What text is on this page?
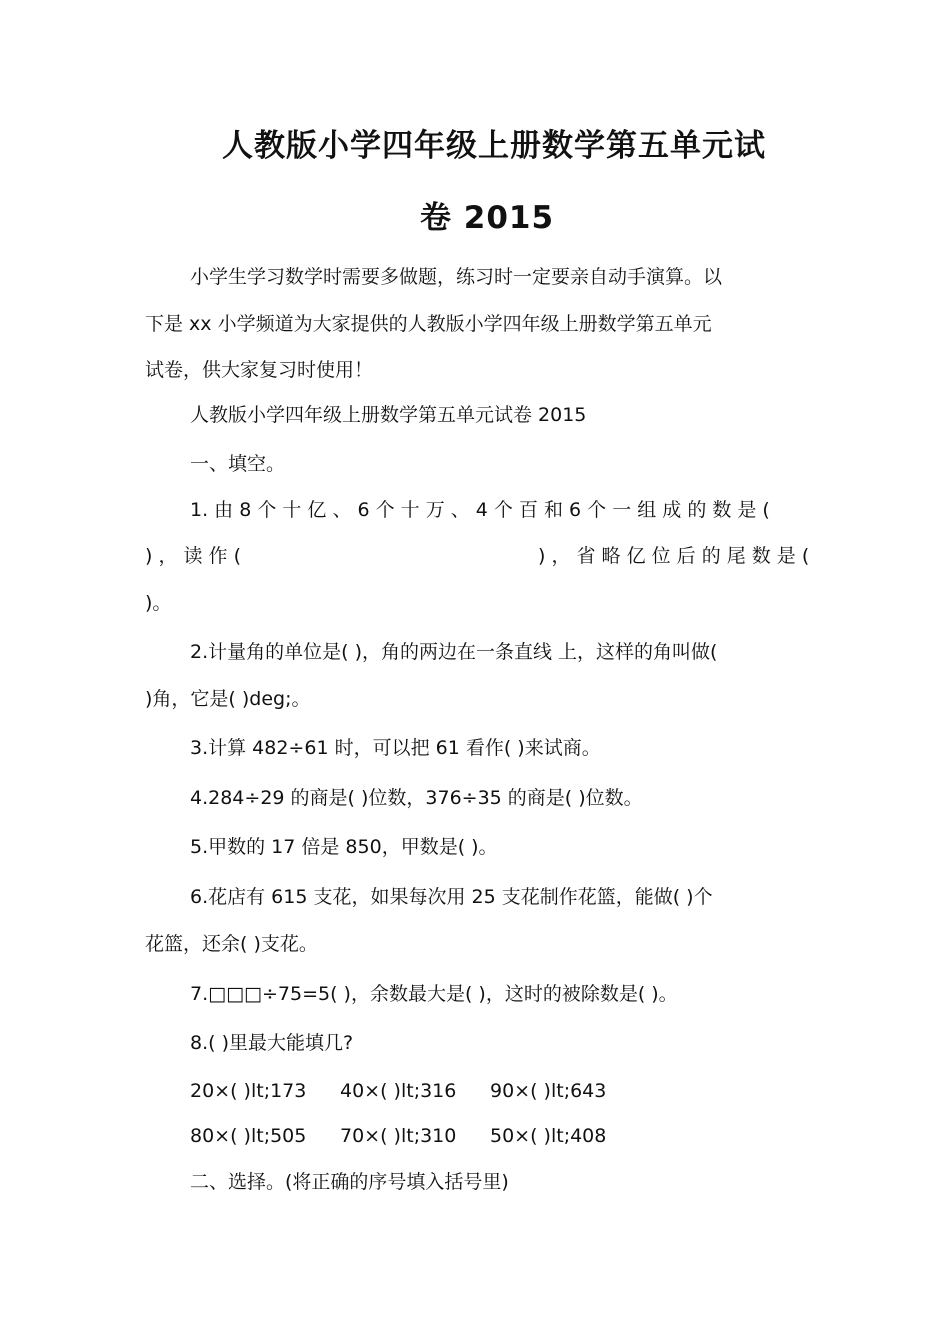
人教版小学四年级上册数学第五单元试
卷 2015
小学生学习数学时需要多做题，练习时一定要亲自动手演算。以
下是 xx 小学频道为大家提供的人教版小学四年级上册数学第五单元
试卷，供大家复习时使用！
人教版小学四年级上册数学第五单元试卷 2015
一、填空。
1. 由 8 个 十 亿 、 6 个 十 万 、 4 个 百 和 6 个 一 组 成 的 数 是 (
) ， 读 作 (	) ， 省 略 亿 位 后 的 尾 数 是 (
)。
2.计量角的单位是( )，角的两边在一条直线 上，这样的角叫做(
)角，它是( )deg;。
3.计算 482÷61 时，可以把 61 看作( )来试商。
4.284÷29 的商是( )位数，376÷35 的商是( )位数。
5.甲数的 17 倍是 850，甲数是( )。
6.花店有 615 支花，如果每次用 25 支花制作花篮，能做( )个
花篮，还余( )支花。
7.□□□÷75=5( )，余数最大是( )，这时的被除数是( )。
8.( )里最大能填几?
20×( )lt;173 40×( )lt;316 90×( )lt;643
80×( )lt;505 70×( )lt;310 50×( )lt;408
二、选择。(将正确的序号填入括号里)
